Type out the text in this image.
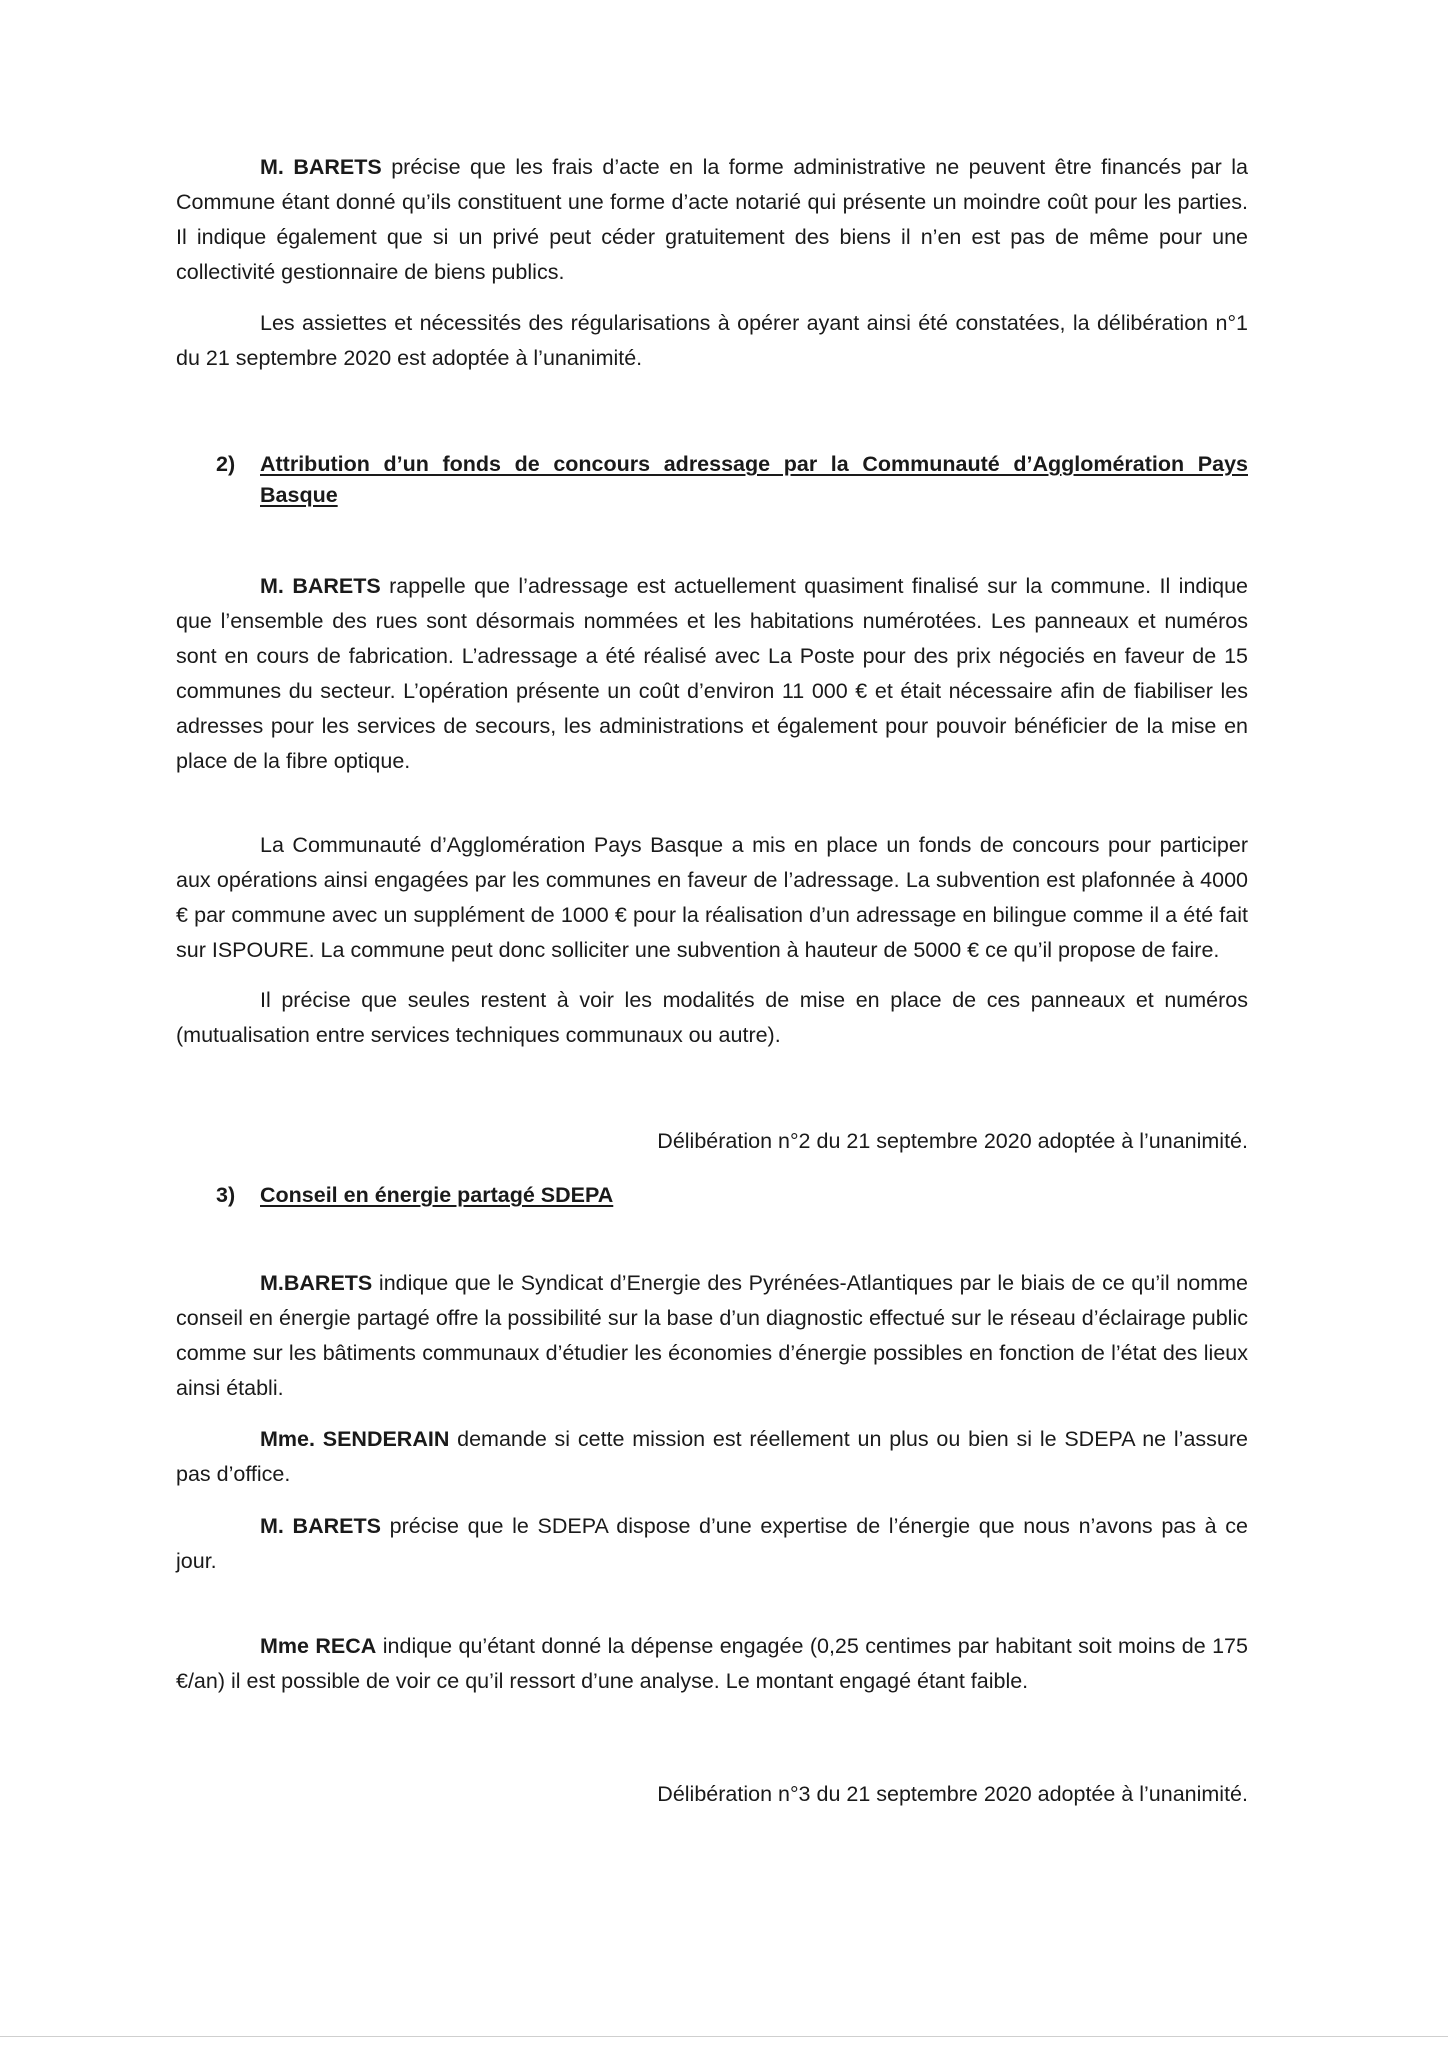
M. BARETS précise que les frais d’acte en la forme administrative ne peuvent être financés par la Commune étant donné qu’ils constituent une forme d’acte notarié qui présente un moindre coût pour les parties. Il indique également que si un privé peut céder gratuitement des biens il n’en est pas de même pour une collectivité gestionnaire de biens publics.

Les assiettes et nécessités des régularisations à opérer ayant ainsi été constatées, la délibération n°1 du 21 septembre 2020 est adoptée à l’unanimité.

2) Attribution d’un fonds de concours adressage par la Communauté d’Agglomération Pays Basque

M. BARETS rappelle que l’adressage est actuellement quasiment finalisé sur la commune. Il indique que l’ensemble des rues sont désormais nommées et les habitations numérotées. Les panneaux et numéros sont en cours de fabrication. L’adressage a été réalisé avec La Poste pour des prix négociés en faveur de 15 communes du secteur. L’opération présente un coût d’environ 11 000 € et était nécessaire afin de fiabiliser les adresses pour les services de secours, les administrations et également pour pouvoir bénéficier de la mise en place de la fibre optique.

La Communauté d’Agglomération Pays Basque a mis en place un fonds de concours pour participer aux opérations ainsi engagées par les communes en faveur de l’adressage. La subvention est plafonnée à 4000 € par commune avec un supplément de 1000 € pour la réalisation d’un adressage en bilingue comme il a été fait sur ISPOURE. La commune peut donc solliciter une subvention à hauteur de 5000 € ce qu’il propose de faire.

Il précise que seules restent à voir les modalités de mise en place de ces panneaux et numéros (mutualisation entre services techniques communaux ou autre).

Délibération n°2 du 21 septembre 2020 adoptée à l’unanimité.

3) Conseil en énergie partagé SDEPA

M.BARETS indique que le Syndicat d’Energie des Pyrénées-Atlantiques par le biais de ce qu’il nomme conseil en énergie partagé offre la possibilité sur la base d’un diagnostic effectué sur le réseau d’éclairage public comme sur les bâtiments communaux d’étudier les économies d’énergie possibles en fonction de l’état des lieux ainsi établi.

Mme. SENDERAIN demande si cette mission est réellement un plus ou bien si le SDEPA ne l’assure pas d’office.

M. BARETS précise que le SDEPA dispose d’une expertise de l’énergie que nous n’avons pas à ce jour.

Mme RECA indique qu’étant donné la dépense engagée (0,25 centimes par habitant soit moins de 175 €/an) il est possible de voir ce qu’il ressort d’une analyse. Le montant engagé étant faible.

Délibération n°3 du 21 septembre 2020 adoptée à l’unanimité.
